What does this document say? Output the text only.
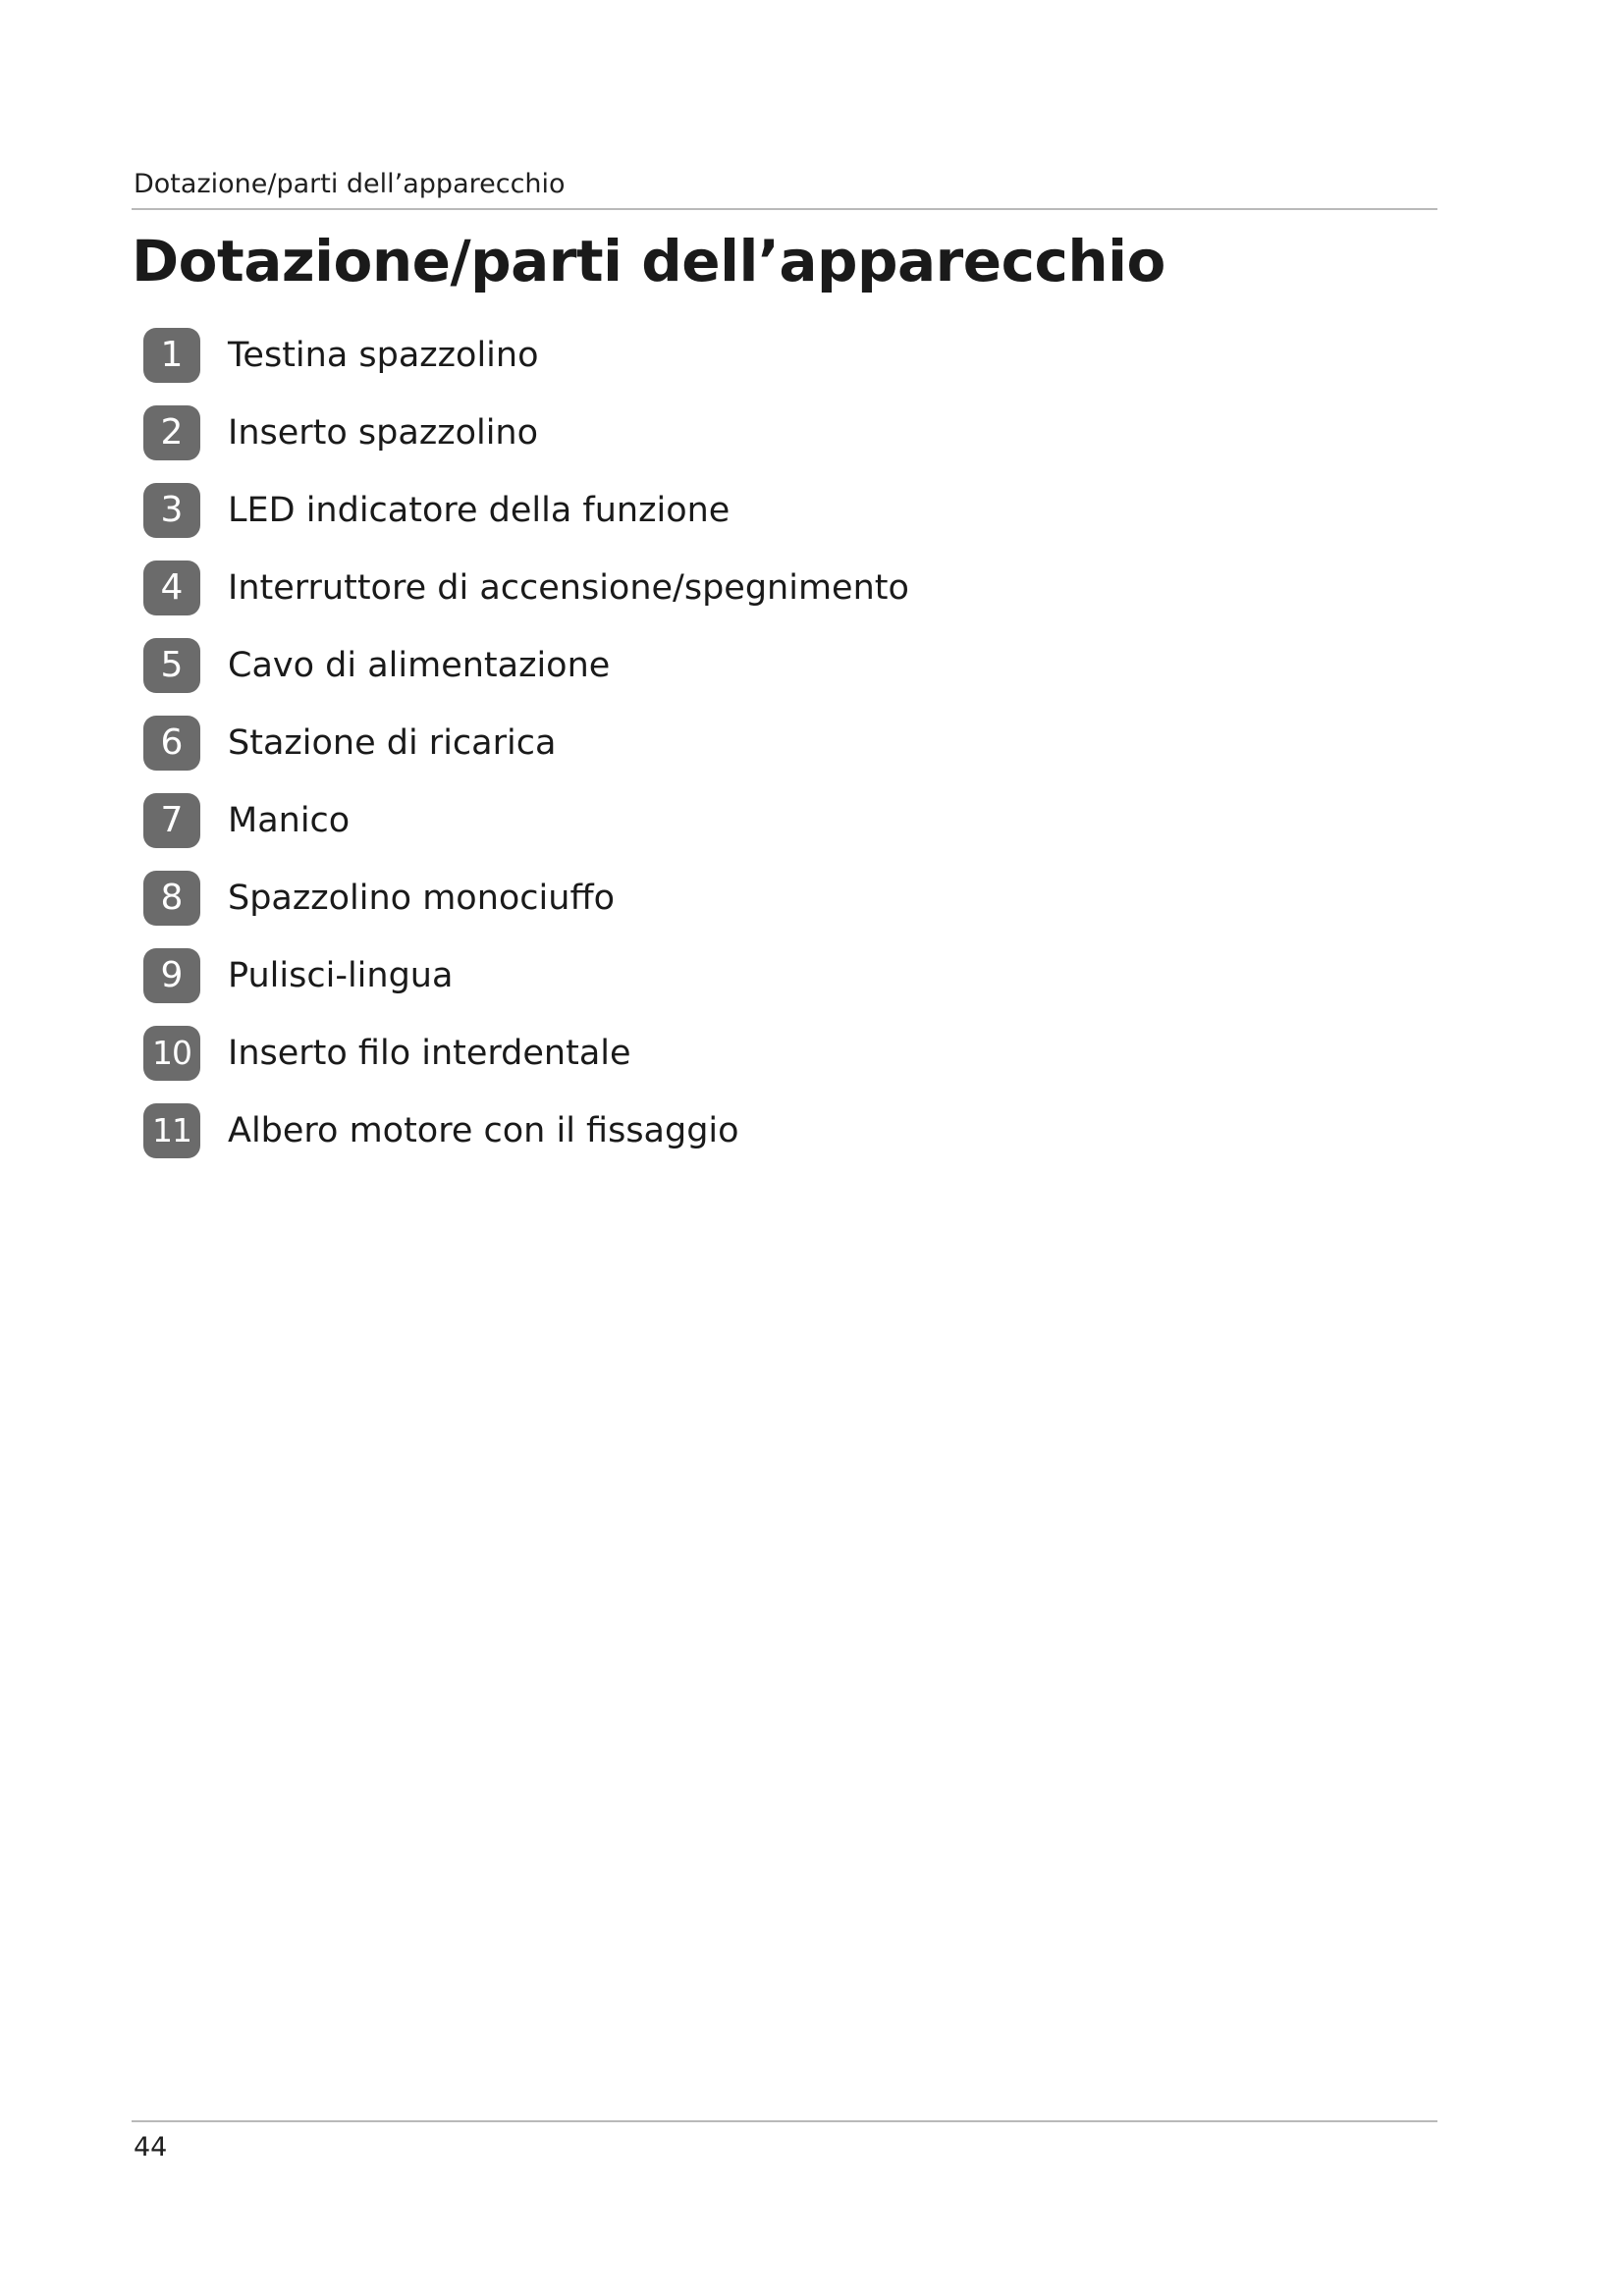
Dotazione/parti dell’apparecchio
Dotazione/parti dell’apparecchio
1	Testina spazzolino
2	Inserto spazzolino
3	LED indicatore della funzione
4	Interruttore di accensione/spegnimento
5	Cavo di alimentazione
6	Stazione di ricarica
7	Manico
8	Spazzolino monociuffo
9	Pulisci-lingua
10 Inserto filo interdentale
11 Albero motore con il fissaggio
44
